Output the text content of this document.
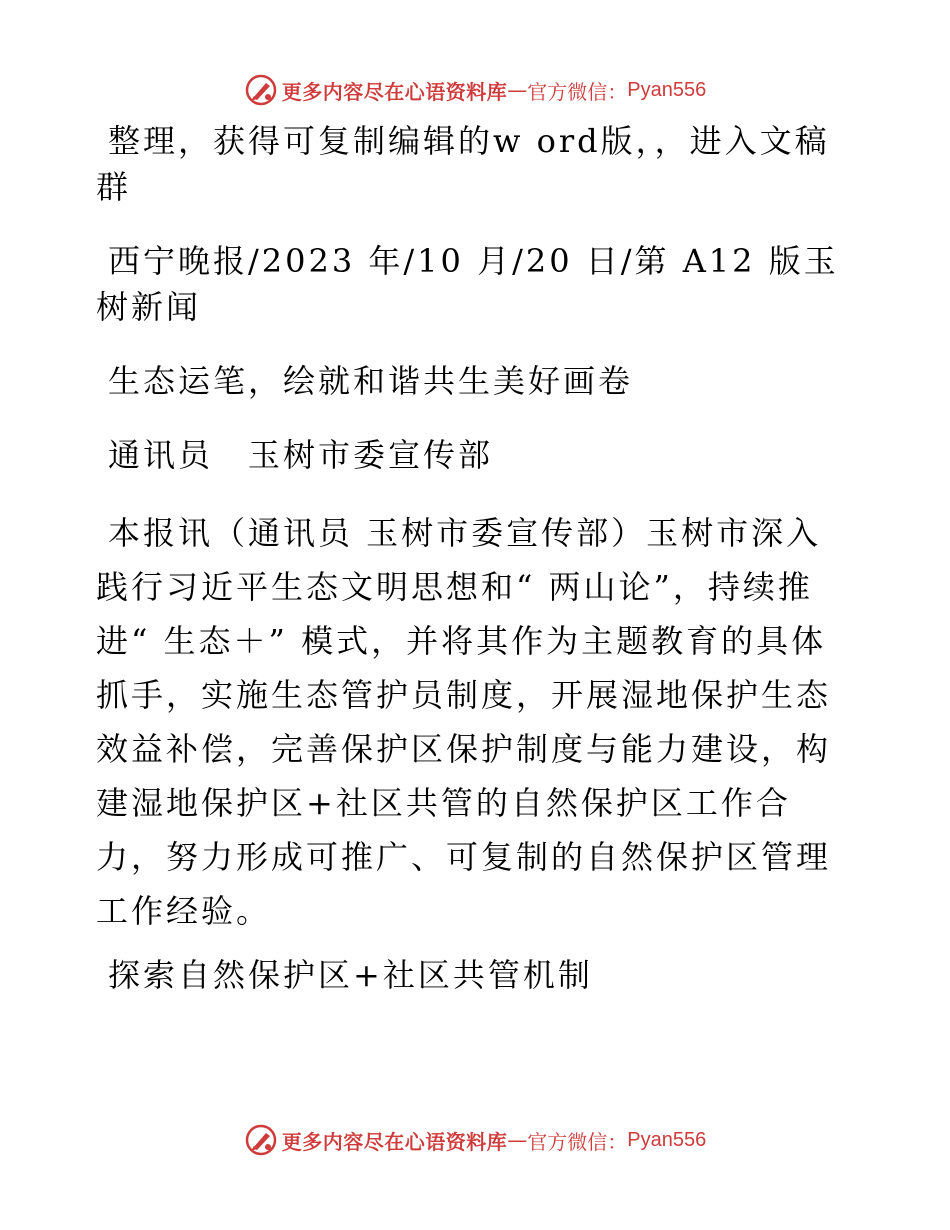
更多内容尽在心语资料库 — 官方微信： Pyan556

整理，获得可复制编辑的w ord版，，进入文稿群

西宁晚报/2023 年/10 月/20 日/第 A12 版玉树新闻

生态运笔，绘就和谐共生美好画卷

通讯员　玉树市委宣传部

本报讯（通讯员 玉树市委宣传部）玉树市深入践行习近平生态文明思想和“ 两山论”，持续推进“ 生态＋” 模式，并将其作为主题教育的具体抓手，实施生态管护员制度，开展湿地保护生态效益补偿，完善保护区保护制度与能力建设，构建湿地保护区+社区共管的自然保护区工作合力，努力形成可推广、可复制的自然保护区管理工作经验。

探索自然保护区+社区共管机制

更多内容尽在心语资料库 — 官方微信： Pyan556
